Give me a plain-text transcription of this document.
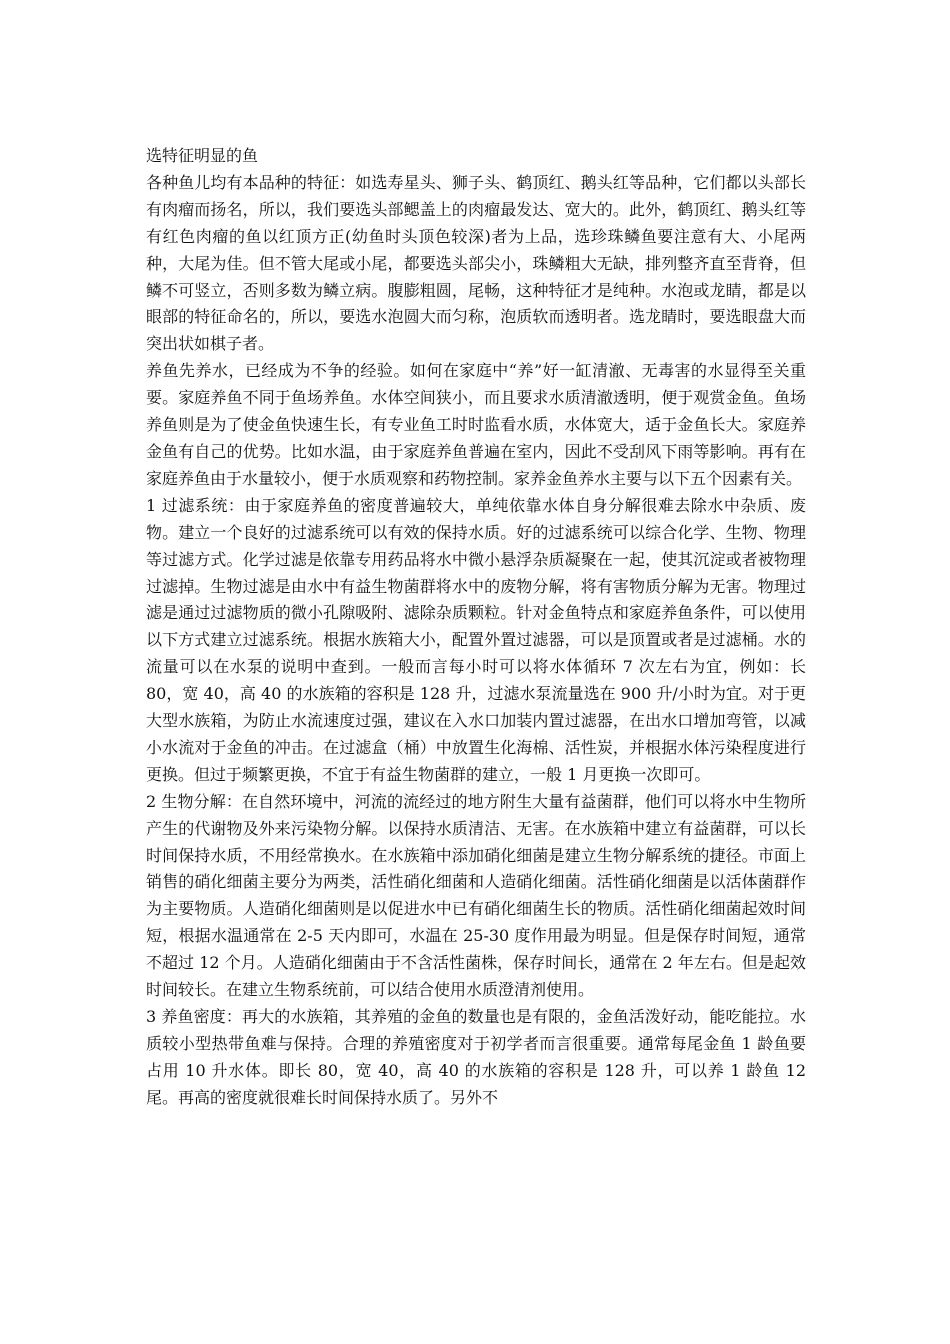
选特征明显的鱼

各种鱼儿均有本品种的特征：如选寿星头、狮子头、鹤顶红、鹅头红等品种，它们都以头部长有肉瘤而扬名，所以，我们要选头部鳃盖上的肉瘤最发达、宽大的。此外，鹤顶红、鹅头红等有红色肉瘤的鱼以红顶方正(幼鱼时头顶色较深)者为上品，选珍珠鳞鱼要注意有大、小尾两种，大尾为佳。但不管大尾或小尾，都要选头部尖小，珠鳞粗大无缺，排列整齐直至背脊，但鳞不可竖立，否则多数为鳞立病。腹膨粗圆，尾畅，这种特征才是纯种。水泡或龙睛，都是以眼部的特征命名的，所以，要选水泡圆大而匀称，泡质软而透明者。选龙睛时，要选眼盘大而突出状如棋子者。

养鱼先养水，已经成为不争的经验。如何在家庭中“养”好一缸清澈、无毒害的水显得至关重要。家庭养鱼不同于鱼场养鱼。水体空间狭小，而且要求水质清澈透明，便于观赏金鱼。鱼场养鱼则是为了使金鱼快速生长，有专业鱼工时时监看水质，水体宽大，适于金鱼长大。家庭养金鱼有自己的优势。比如水温，由于家庭养鱼普遍在室内，因此不受刮风下雨等影响。再有在家庭养鱼由于水量较小，便于水质观察和药物控制。家养金鱼养水主要与以下五个因素有关。

1 过滤系统：由于家庭养鱼的密度普遍较大，单纯依靠水体自身分解很难去除水中杂质、废物。建立一个良好的过滤系统可以有效的保持水质。好的过滤系统可以综合化学、生物、物理等过滤方式。化学过滤是依靠专用药品将水中微小悬浮杂质凝聚在一起，使其沉淀或者被物理过滤掉。生物过滤是由水中有益生物菌群将水中的废物分解，将有害物质分解为无害。物理过滤是通过过滤物质的微小孔隙吸附、滤除杂质颗粒。针对金鱼特点和家庭养鱼条件，可以使用以下方式建立过滤系统。根据水族箱大小，配置外置过滤器，可以是顶置或者是过滤桶。水的流量可以在水泵的说明中查到。一般而言每小时可以将水体循环 7 次左右为宜，例如：长 80，宽 40，高 40 的水族箱的容积是 128 升，过滤水泵流量选在 900 升/小时为宜。对于更大型水族箱，为防止水流速度过强，建议在入水口加装内置过滤器，在出水口增加弯管，以减小水流对于金鱼的冲击。在过滤盒（桶）中放置生化海棉、活性炭，并根据水体污染程度进行更换。但过于频繁更换，不宜于有益生物菌群的建立，一般 1 月更换一次即可。

2 生物分解：在自然环境中，河流的流经过的地方附生大量有益菌群，他们可以将水中生物所产生的代谢物及外来污染物分解。以保持水质清洁、无害。在水族箱中建立有益菌群，可以长时间保持水质，不用经常换水。在水族箱中添加硝化细菌是建立生物分解系统的捷径。市面上销售的硝化细菌主要分为两类，活性硝化细菌和人造硝化细菌。活性硝化细菌是以活体菌群作为主要物质。人造硝化细菌则是以促进水中已有硝化细菌生长的物质。活性硝化细菌起效时间短，根据水温通常在 2-5 天内即可，水温在 25-30 度作用最为明显。但是保存时间短，通常不超过 12 个月。人造硝化细菌由于不含活性菌株，保存时间长，通常在 2 年左右。但是起效时间较长。在建立生物系统前，可以结合使用水质澄清剂使用。

3 养鱼密度：再大的水族箱，其养殖的金鱼的数量也是有限的，金鱼活泼好动，能吃能拉。水质较小型热带鱼难与保持。合理的养殖密度对于初学者而言很重要。通常每尾金鱼 1 龄鱼要占用 10 升水体。即长 80，宽 40，高 40 的水族箱的容积是 128 升，可以养 1 龄鱼 12 尾。再高的密度就很难长时间保持水质了。另外不
